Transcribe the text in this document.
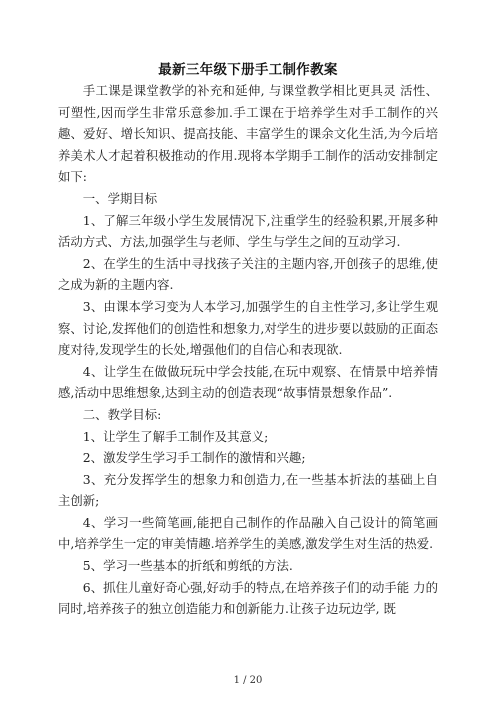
最新三年级下册手工制作教案

手工课是课堂教学的补充和延伸, 与课堂教学相比更具灵 活性、可塑性,因而学生非常乐意参加.手工课在于培养学生对手工制作的兴趣、爱好、增长知识、提高技能、丰富学生的课余文化生活,为今后培养美术人才起着积极推动的作用.现将本学期手工制作的活动安排制定如下:

一、学期目标

1、了解三年级小学生发展情况下,注重学生的经验积累,开展多种活动方式、方法,加强学生与老师、学生与学生之间的互动学习.

2、在学生的生活中寻找孩子关注的主题内容,开创孩子的思维,使之成为新的主题内容.

3、由课本学习变为人本学习,加强学生的自主性学习,多让学生观察、讨论,发挥他们的创造性和想象力,对学生的进步要以鼓励的正面态度对待,发现学生的长处,增强他们的自信心和表现欲.

4、让学生在做做玩玩中学会技能,在玩中观察、在情景中培养情感,活动中思维想象,达到主动的创造表现“故事情景想象作品”.

二、教学目标:

1、让学生了解手工制作及其意义;

2、激发学生学习手工制作的激情和兴趣;

3、充分发挥学生的想象力和创造力,在一些基本折法的基础上自主创新;

4、学习一些简笔画,能把自己制作的作品融入自己设计的简笔画中,培养学生一定的审美情趣.培养学生的美感,激发学生对生活的热爱.

5、学习一些基本的折纸和剪纸的方法.

6、抓住儿童好奇心强,好动手的特点,在培养孩子们的动手能 力的同时,培养孩子的独立创造能力和创新能力.让孩子边玩边学, 既

1 / 20
